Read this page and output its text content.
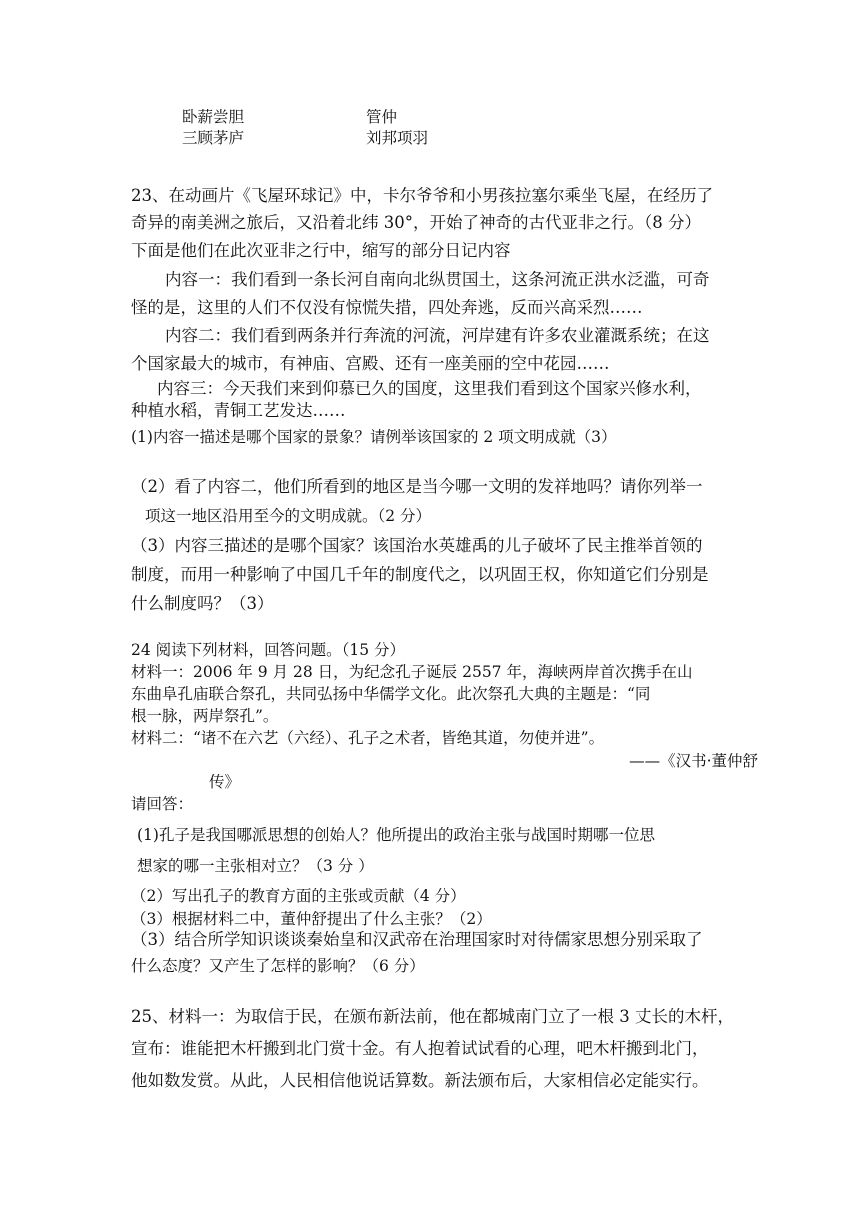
卧薪尝胆	管仲
三顾茅庐	刘邦项羽
23、在动画片《飞屋环球记》中，卡尔爷爷和小男孩拉塞尔乘坐飞屋，在经历了
奇异的南美洲之旅后，又沿着北纬 30°，开始了神奇的古代亚非之行。（8 分）
下面是他们在此次亚非之行中，缩写的部分日记内容
内容一：我们看到一条长河自南向北纵贯国土，这条河流正洪水泛滥，可奇
怪的是，这里的人们不仅没有惊慌失措，四处奔逃，反而兴高采烈……
内容二：我们看到两条并行奔流的河流，河岸建有许多农业灌溉系统；在这
个国家最大的城市，有神庙、宫殿、还有一座美丽的空中花园……
内容三：今天我们来到仰慕已久的国度，这里我们看到这个国家兴修水利，
种植水稻，青铜工艺发达……
(1)内容一描述是哪个国家的景象？请例举该国家的 2 项文明成就（3）
（2）看了内容二，他们所看到的地区是当今哪一文明的发祥地吗？请你列举一
项这一地区沿用至今的文明成就。（2 分）
（3）内容三描述的是哪个国家？该国治水英雄禹的儿子破坏了民主推举首领的
制度，而用一种影响了中国几千年的制度代之，以巩固王权，你知道它们分别是
什么制度吗？（3）
24 阅读下列材料，回答问题。（15 分）
材料一：2006 年 9 月 28 日，为纪念孔子诞辰 2557 年，海峡两岸首次携手在山
东曲阜孔庙联合祭孔，共同弘扬中华儒学文化。此次祭孔大典的主题是：“同
根一脉，两岸祭孔”。
材料二：“诸不在六艺（六经）、孔子之术者，皆绝其道，勿使并进”。
——《汉书·董仲舒
传》
请回答：
(1)孔子是我国哪派思想的创始人？他所提出的政治主张与战国时期哪一位思
想家的哪一主张相对立？（3 分 ）
（2）写出孔子的教育方面的主张或贡献（4 分）
（3）根据材料二中，董仲舒提出了什么主张？（2）
（3）结合所学知识谈谈秦始皇和汉武帝在治理国家时对待儒家思想分别采取了
什么态度？又产生了怎样的影响？（6 分）
25、材料一：为取信于民，在颁布新法前，他在都城南门立了一根 3 丈长的木杆，
宣布：谁能把木杆搬到北门赏十金。有人抱着试试看的心理，吧木杆搬到北门，
他如数发赏。从此，人民相信他说话算数。新法颁布后，大家相信必定能实行。
